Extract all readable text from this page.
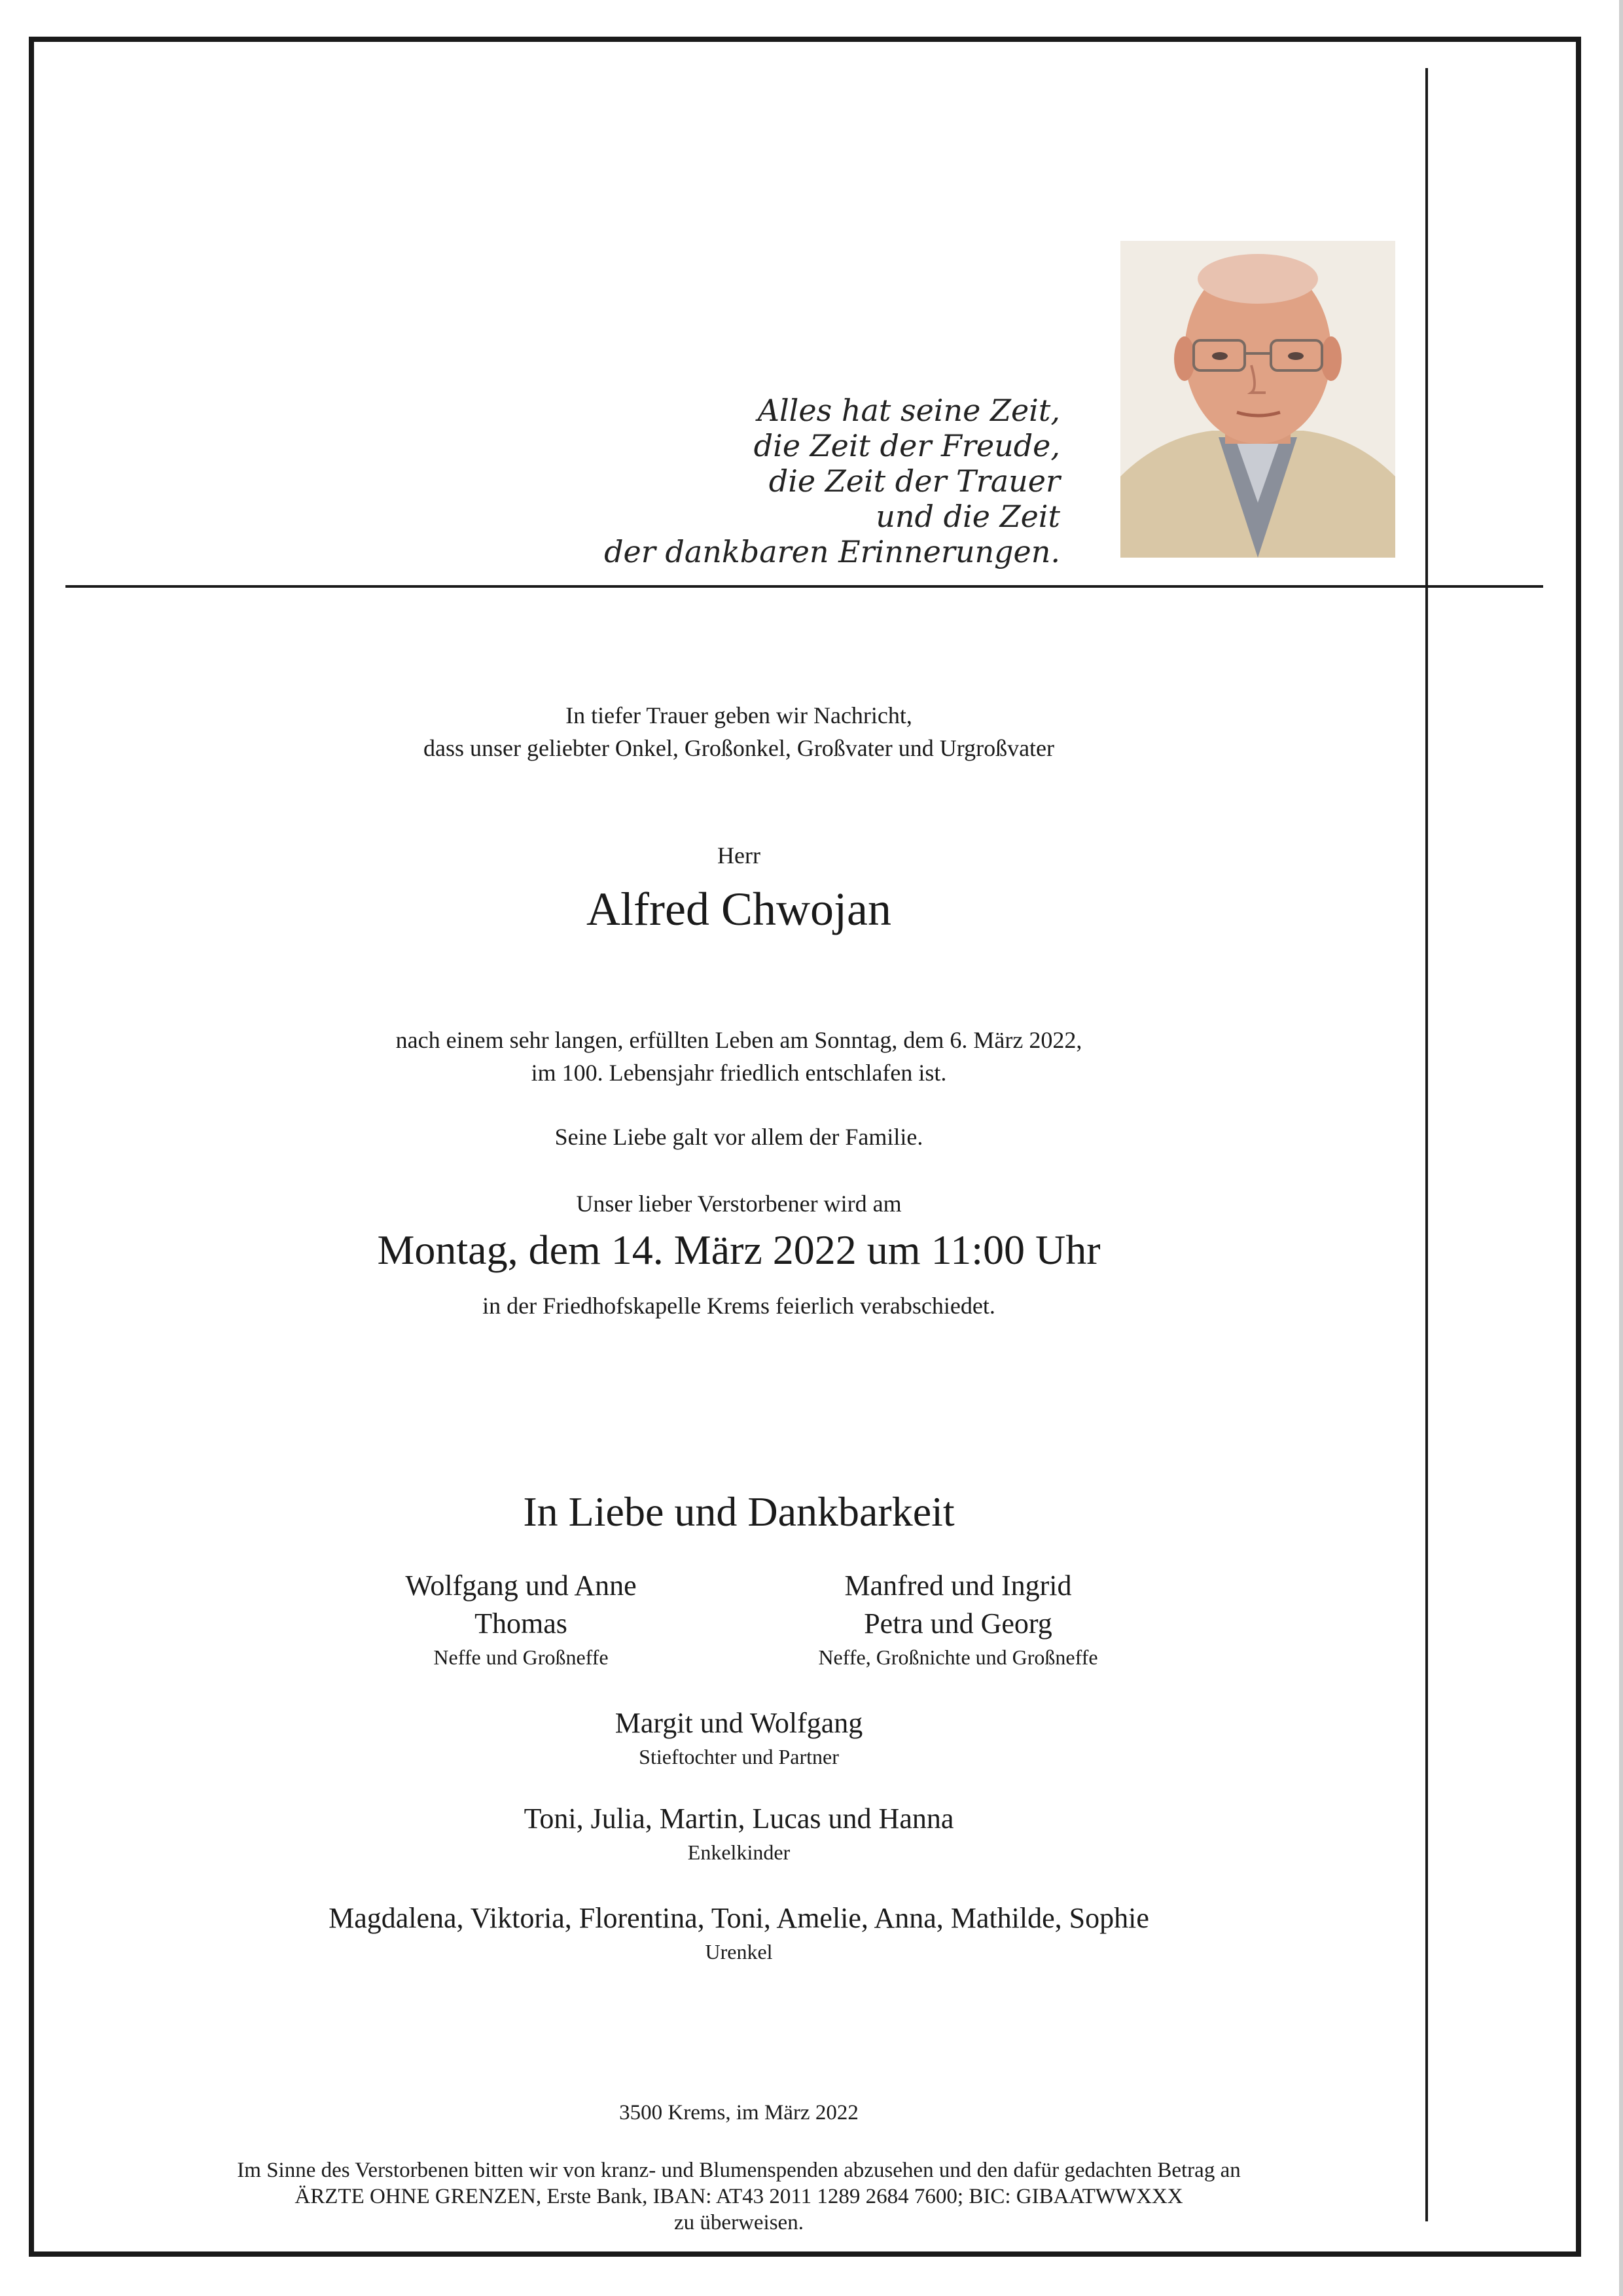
Alles hat seine Zeit,
die Zeit der Freude,
die Zeit der Trauer
und die Zeit
der dankbaren Erinnerungen.
In tiefer Trauer geben wir Nachricht,
dass unser geliebter Onkel, Großonkel, Großvater und Urgroßvater
Herr
Alfred Chwojan
nach einem sehr langen, erfüllten Leben am Sonntag, dem 6. März 2022,
im 100. Lebensjahr friedlich entschlafen ist.
Seine Liebe galt vor allem der Familie.
Unser lieber Verstorbener wird am
Montag, dem 14. März 2022 um 11:00 Uhr
in der Friedhofskapelle Krems feierlich verabschiedet.
In Liebe und Dankbarkeit
Wolfgang und Anne
Thomas
Neffe und Großneffe
Manfred und Ingrid
Petra und Georg
Neffe, Großnichte und Großneffe
Margit und Wolfgang
Stieftochter und Partner
Toni, Julia, Martin, Lucas und Hanna
Enkelkinder
Magdalena, Viktoria, Florentina, Toni, Amelie, Anna, Mathilde, Sophie
Urenkel
3500 Krems, im März 2022
Im Sinne des Verstorbenen bitten wir von kranz- und Blumenspenden abzusehen und den dafür gedachten Betrag an
ÄRZTE OHNE GRENZEN, Erste Bank, IBAN: AT43 2011 1289 2684 7600; BIC: GIBAATWWXXX
zu überweisen.
